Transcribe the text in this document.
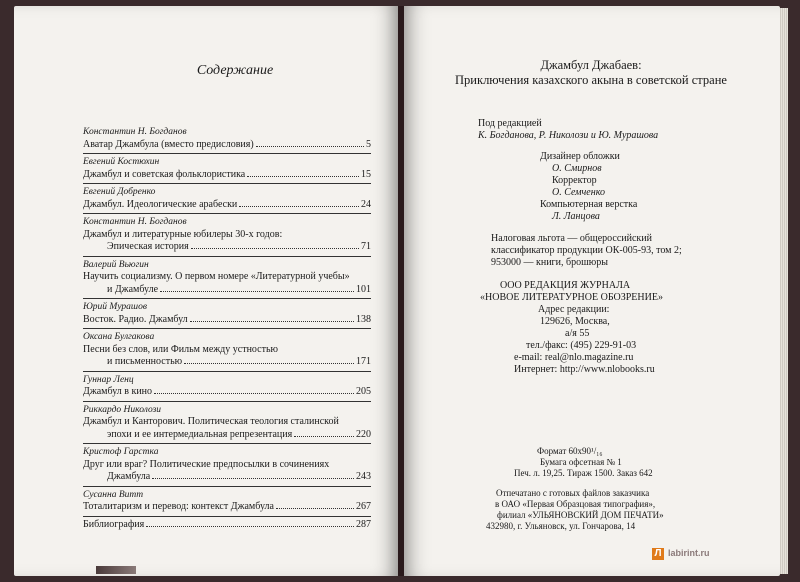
Содержание
Константин Н. Богданов
Аватар Джамбула (вместо предисловия)	5
Евгений Костюхин
Джамбул и советская фольклористика	15
Евгений Добренко
Джамбул. Идеологические арабески	24
Константин Н. Богданов
Джамбул и литературные юбилеры 30-х годов:
Эпическая история	71
Валерий Вьюгин
Научить социализму. О первом номере «Литературной учебы»
и Джамбуле	101
Юрий Мурашов
Восток. Радио. Джамбул	138
Оксана Булгакова
Песни без слов, или Фильм между устностью
и письменностью	171
Гуннар Ленц
Джамбул в кино	205
Риккардо Николози
Джамбул и Канторович. Политическая теология сталинской
эпохи и ее интермедиальная репрезентация	220
Кристоф Гарстка
Друг или враг? Политические предпосылки в сочинениях
Джамбула	243
Сусанна Витт
Тоталитаризм и перевод: контекст Джамбула	267
Библиография	287
Джамбул Джабаев:
Приключения казахского акына в советской стране
Под редакцией
К. Богданова, Р. Николози и Ю. Мурашова
Дизайнер обложки
О. Смирнов
Корректор
О. Семченко
Компьютерная верстка
Л. Ланцова
Налоговая льгота — общероссийский
классификатор продукции ОК-005-93, том 2;
953000 — книги, брошюры
ООО РЕДАКЦИЯ ЖУРНАЛА
«НОВОЕ ЛИТЕРАТУРНОЕ ОБОЗРЕНИЕ»
Адрес редакции:
129626, Москва,
а/я 55
тел./факс: (495) 229-91-03
e-mail: real@nlo.magazine.ru
Интернет: http://www.nlobooks.ru
Формат 60x90¹/₁₆
Бумага офсетная № 1
Печ. л. 19,25. Тираж 1500. Заказ 642
Отпечатано с готовых файлов заказчика
в ОАО «Первая Образцовая типография»,
филиал «УЛЬЯНОВСКИЙ ДОМ ПЕЧАТИ»
432980, г. Ульяновск, ул. Гончарова, 14
Л labirint.ru
